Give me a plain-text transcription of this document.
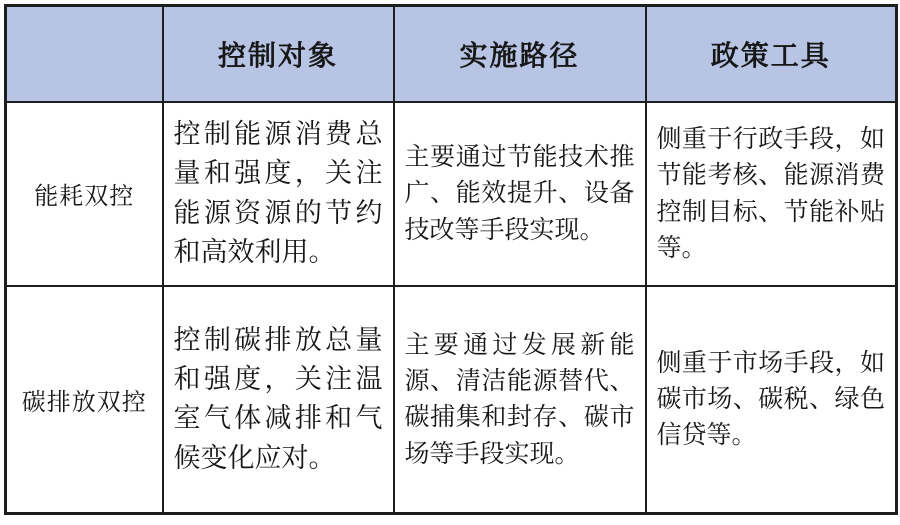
	控制对象	实施路径	政策工具
能耗双控	控制能源消费总量和强度，关注能源资源的节约和高效利用。	主要通过节能技术推广、能效提升、设备技改等手段实现。	侧重于行政手段，如节能考核、能源消费控制目标、节能补贴等。
碳排放双控	控制碳排放总量和强度，关注温室气体减排和气候变化应对。	主要通过发展新能源、清洁能源替代、碳捕集和封存、碳市场等手段实现。	侧重于市场手段，如碳市场、碳税、绿色信贷等。
